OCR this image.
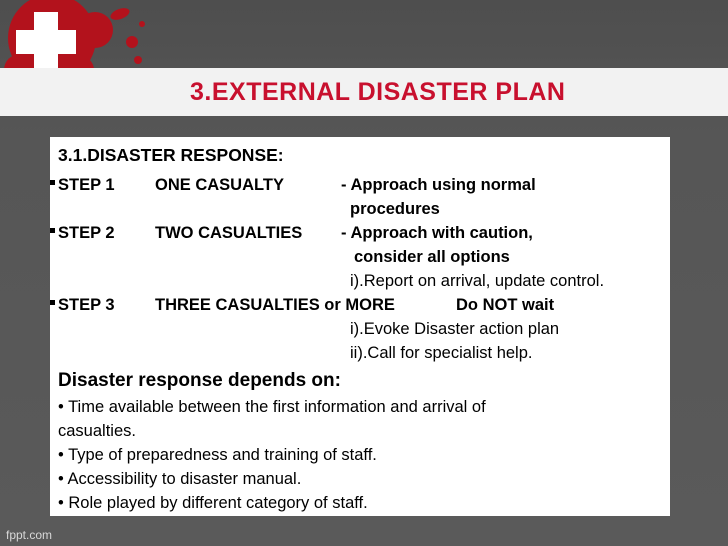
3.EXTERNAL DISASTER PLAN
3.1.DISASTER RESPONSE:
STEP 1 ONE CASUALTY	- Approach using normal
procedures
STEP 2 TWO CASUALTIES - Approach with caution,
consider all options
i).Report on arrival, update control.
STEP 3 THREE CASUALTIES or MORE	Do NOT wait
i).Evoke Disaster action plan
ii).Call for specialist help.
Disaster response depends on:
• Time available between the first information and arrival of
casualties.
• Type of preparedness and training of staff.
• Accessibility to disaster manual.
• Role played by different category of staff.
fppt.com
